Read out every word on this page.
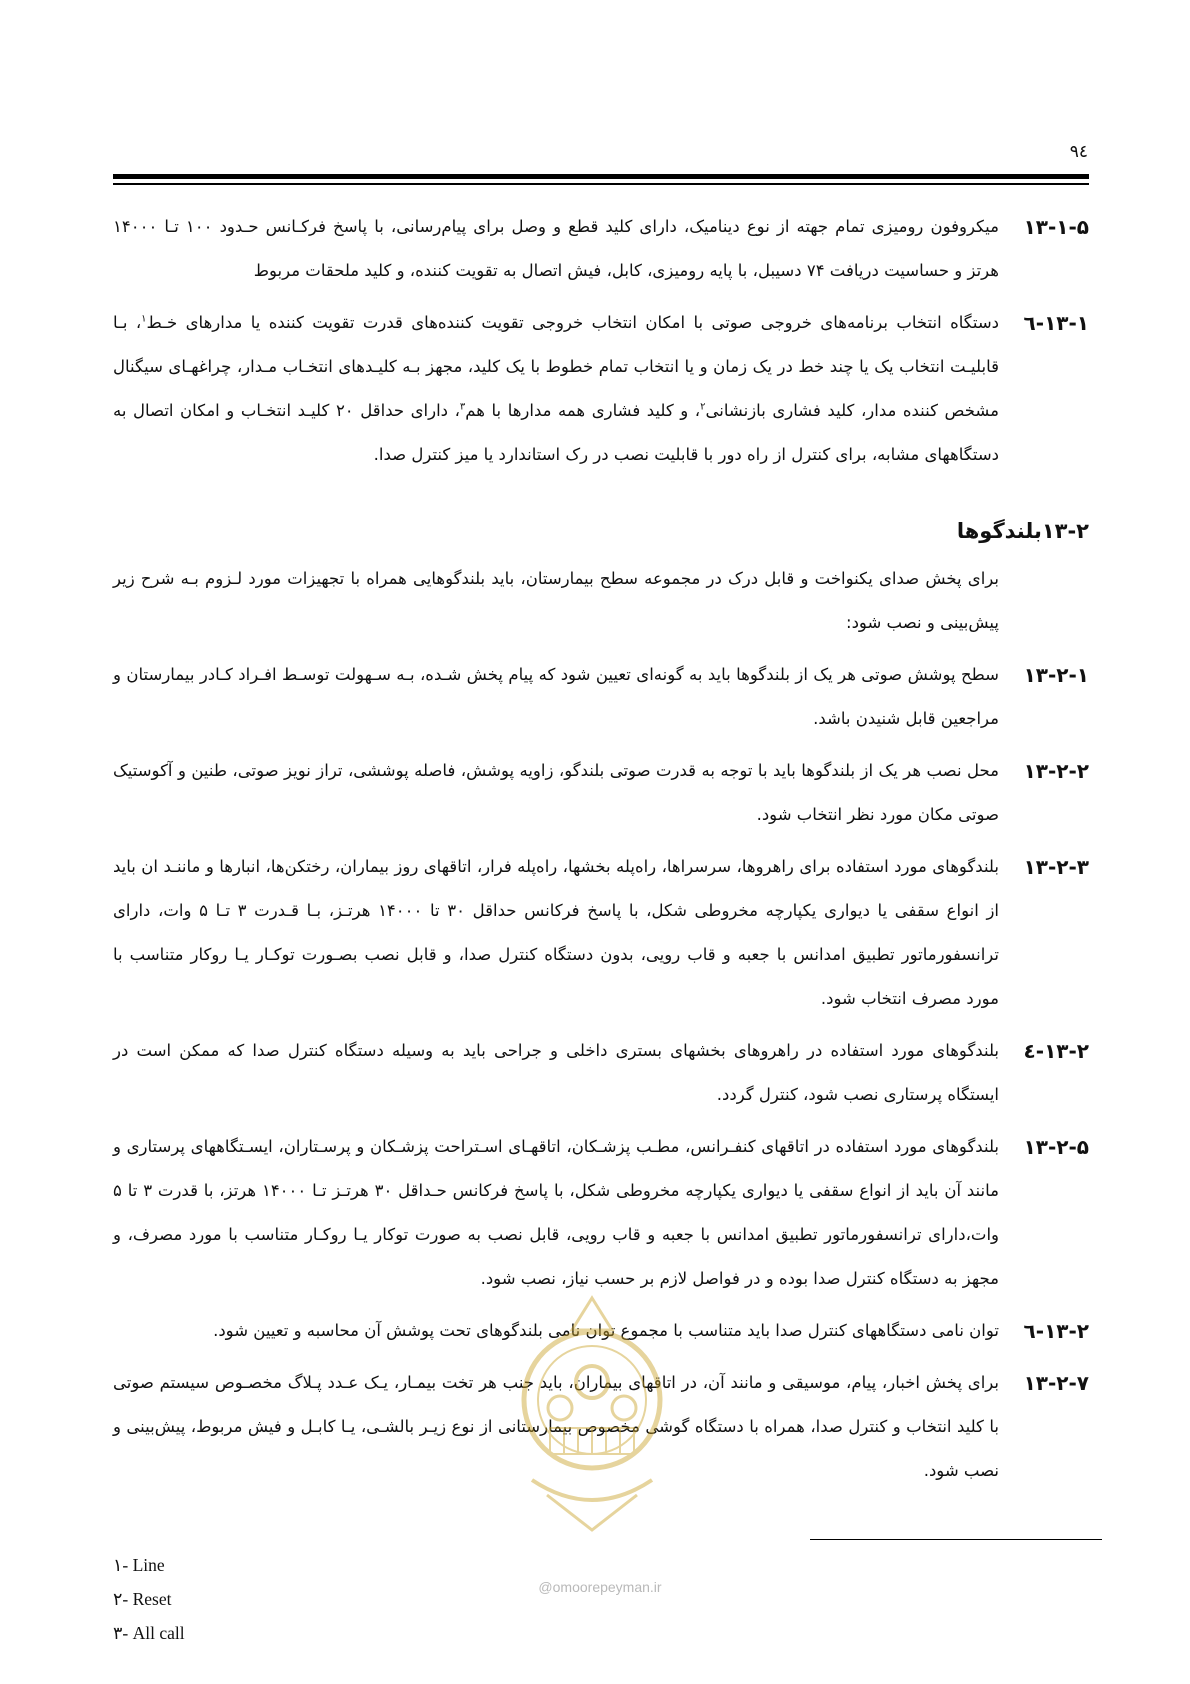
۹٤
۱۳-۱-۵
میکروفون رومیزی تمام جهته از نوع دینامیک، دارای کلید قطع و وصل برای پیام‌رسانی، با پاسخ فرکـانس حـدود ۱۰۰ تـا ۱۴۰۰۰ هرتز و حساسیت دریافت ۷۴ دسیبل، با پایه رومیزی، کابل، فیش اتصال به تقویت کننده، و کلید ملحقات مربوط
۱۳-۱-٦
دستگاه انتخاب برنامه‌های خروجی صوتی با امکان انتخاب خروجی تقویت کننده‌های قدرت تقویت کننده یا مدارهای خـط$^۱$، بـا قابلیـت انتخاب یک یا چند خط در یک زمان و یا انتخاب تمام خطوط با یک کلید، مجهز بـه کلیـدهای انتخـاب مـدار، چراغهـای سیگنال مشخص کننده مدار، کلید فشاری بازنشانی$^۲$، و کلید فشاری همه مدارها با هم$^۳$، دارای حداقل ۲۰ کلیـد انتخـاب و امکان اتصال به دستگاههای مشابه، برای کنترل از راه دور با قابلیت نصب در رک استاندارد یا میز کنترل صدا.
۱۳-۲بلندگوها
برای پخش صدای یکنواخت و قابل درک در مجموعه سطح بیمارستان، باید بلندگوهایی همراه با تجهیزات مورد لـزوم بـه شرح زیر پیش‌بینی و نصب شود:
۱۳-۲-۱
سطح پوشش صوتی هر یک از بلندگوها باید به گونه‌ای تعیین شود که پیام پخش شـده، بـه سـهولت توسـط افـراد کـادر بیمارستان و مراجعین قابل شنیدن باشد.
۱۳-۲-۲
محل نصب هر یک از بلندگوها باید با توجه به قدرت صوتی بلندگو، زاویه پوشش، فاصله پوششی، تراز نویز صوتی، طنین و آکوستیک صوتی مکان مورد نظر انتخاب شود.
۱۳-۲-۳
بلندگوهای مورد استفاده برای راهروها، سرسراها، راه‌پله بخشها، راه‌پله فرار، اتاقهای روز بیماران، رختکن‌ها، انبارها و ماننـد ان باید از انواع سقفی یا دیواری یکپارچه مخروطی شکل، با پاسخ فرکانس حداقل ۳۰ تا ۱۴۰۰۰ هرتـز، بـا قـدرت ۳ تـا ۵ وات، دارای ترانسفورماتور تطبیق امدانس با جعبه و قاب رویی، بدون دستگاه کنترل صدا، و قابل نصب بصـورت توکـار یـا روکار متناسب با مورد مصرف انتخاب شود.
۱۳-۲-٤
بلندگوهای مورد استفاده در راهروهای بخشهای بستری داخلی و جراحی باید به وسیله دستگاه کنترل صدا که ممکن است در ایستگاه پرستاری نصب شود، کنترل گردد.
۱۳-۲-۵
بلندگوهای مورد استفاده در اتاقهای کنفـرانس، مطـب پزشـکان، اتاقهـای اسـتراحت پزشـکان و پرسـتاران، ایسـتگاههای پرستاری و مانند آن باید از انواع سقفی یا دیواری یکپارچه مخروطی شکل، با پاسخ فرکانس حـداقل ۳۰ هرتـز تـا ۱۴۰۰۰ هرتز، با قدرت ۳ تا ۵ وات،دارای ترانسفورماتور تطبیق امدانس با جعبه و قاب رویی، قابل نصب به صورت توکار یـا روکـار متناسب با مورد مصرف، و مجهز به دستگاه کنترل صدا بوده و در فواصل لازم بر حسب نیاز، نصب شود.
۱۳-۲-٦
توان نامی دستگاههای کنترل صدا باید متناسب با مجموع توان نامی بلندگوهای تحت پوشش آن محاسبه و تعیین شود.
۱۳-۲-۷
برای پخش اخبار، پیام، موسیقی و مانند آن، در اتاقهای بیماران، باید جنب هر تخت بیمـار، یـک عـدد پـلاگ مخصـوص سیستم صوتی با کلید انتخاب و کنترل صدا، همراه با دستگاه گوشی مخصوص بیمارستانی از نوع زیـر بالشـی، یـا کابـل و فیش مربوط، پیش‌بینی و نصب شود.
@omoorepeyman.ir
۱- Line
۲- Reset
۳- All call
